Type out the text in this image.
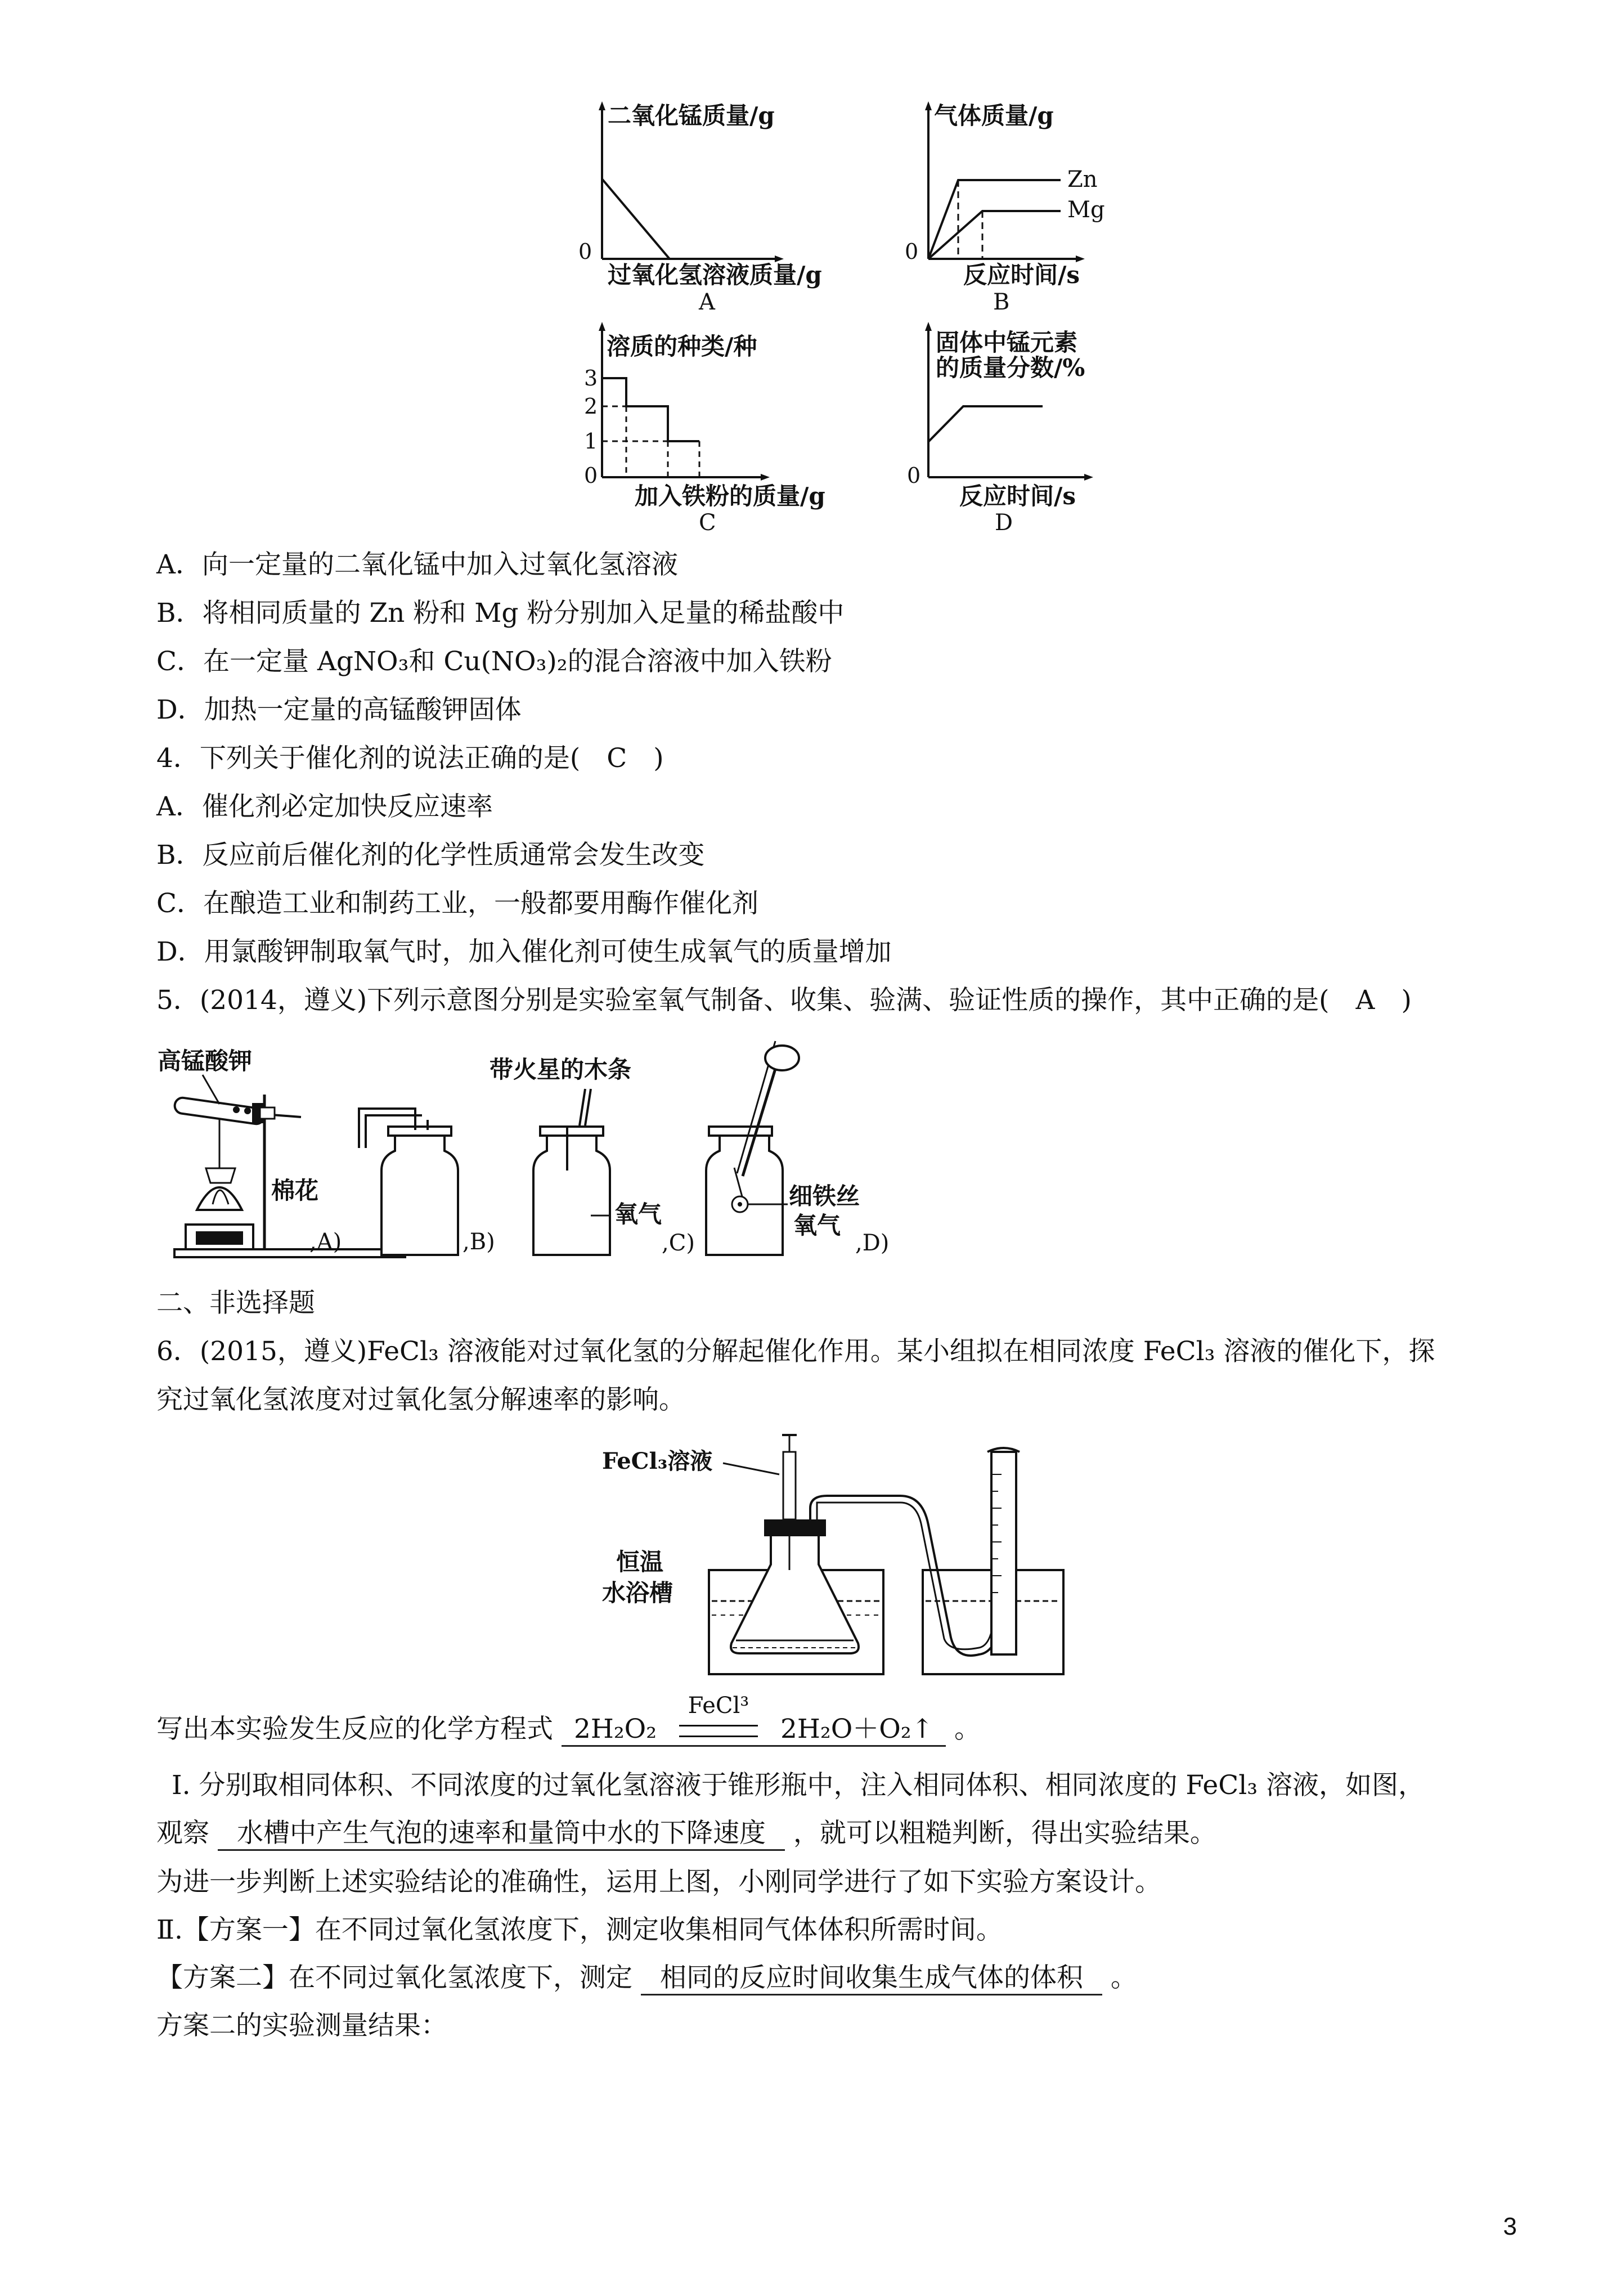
二氧化锰质量/g
0
过氧化氢溶液质量/g
A
气体质量/g
0
Zn
Mg
反应时间/s
B
溶质的种类/种
3
2
1
0
加入铁粉的质量/g
C
固体中锰元素
的质量分数/%
0
反应时间/s
D
A．向一定量的二氧化锰中加入过氧化氢溶液
B．将相同质量的 Zn 粉和 Mg 粉分别加入足量的稀盐酸中
C．在一定量 AgNO₃和 Cu(NO₃)₂的混合溶液中加入铁粉
D．加热一定量的高锰酸钾固体
4．下列关于催化剂的说法正确的是(　C　)
A．催化剂必定加快反应速率
B．反应前后催化剂的化学性质通常会发生改变
C．在酿造工业和制药工业，一般都要用酶作催化剂
D．用氯酸钾制取氧气时，加入催化剂可使生成氧气的质量增加
5．(2014，遵义)下列示意图分别是实验室氧气制备、收集、验满、验证性质的操作，其中正确的是(　A　)
高锰酸钾
棉花
,A)	,B)
带火星的木条
氧气
,C)
细铁丝
氧气
,D)
二、非选择题
6．(2015，遵义)FeCl₃ 溶液能对过氧化氢的分解起催化作用。某小组拟在相同浓度 FeCl₃ 溶液的催化下，探
究过氧化氢浓度对过氧化氢分解速率的影响。
FeCl₃溶液
恒温
水浴槽
写出本实验发生反应的化学方程式 2H₂O₂
FeCl³
2H₂O＋O₂↑ 。
Ⅰ. 分别取相同体积、不同浓度的过氧化氢溶液于锥形瓶中，注入相同体积、相同浓度的 FeCl₃ 溶液，如图，
观察 水槽中产生气泡的速率和量筒中水的下降速度 ，就可以粗糙判断，得出实验结果。
为进一步判断上述实验结论的准确性，运用上图，小刚同学进行了如下实验方案设计。
Ⅱ.【方案一】在不同过氧化氢浓度下，测定收集相同气体体积所需时间。
【方案二】在不同过氧化氢浓度下，测定 相同的反应时间收集生成气体的体积 。
方案二的实验测量结果：
3
